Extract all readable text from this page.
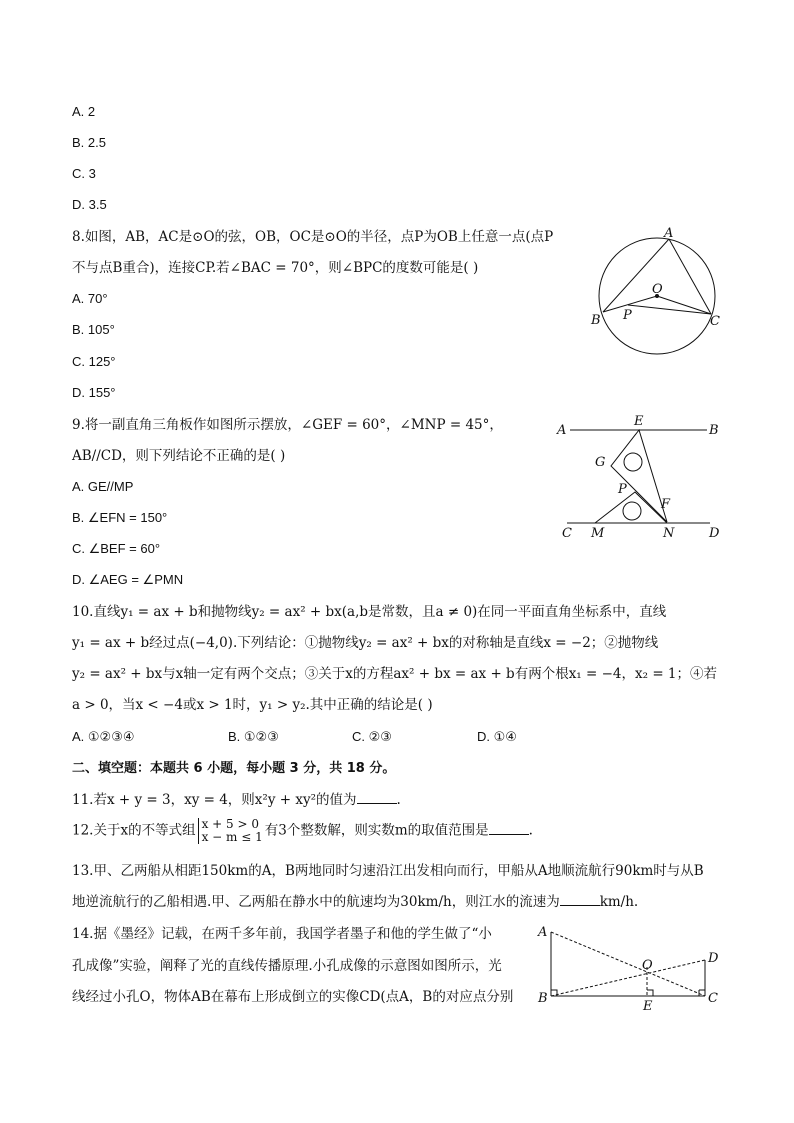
A. 2
B. 2.5
C. 3
D. 3.5
8.如图，AB，AC是⊙O的弦，OB，OC是⊙O的半径，点P为OB上任意一点(点P
不与点B重合)，连接CP.若∠BAC = 70°，则∠BPC的度数可能是( )
A. 70°
B. 105°
C. 125°
D. 155°
A
O
B P	C
9.将一副直角三角板作如图所示摆放，∠GEF = 60°，∠MNP = 45°，
AB//CD，则下列结论不正确的是( )
A. GE//MP
B. ∠EFN = 150°
C. ∠BEF = 60°
D. ∠AEG = ∠PMN
A
E
B
G
P
F
C M	N	D
10.直线y₁ = ax + b和抛物线y₂ = ax² + bx(a,b是常数，且a ≠ 0)在同一平面直角坐标系中，直线
y₁ = ax + b经过点(−4,0).下列结论：①抛物线y₂ = ax² + bx的对称轴是直线x = −2；②抛物线
y₂ = ax² + bx与x轴一定有两个交点；③关于x的方程ax² + bx = ax + b有两个根x₁ = −4，x₂ = 1；④若
a > 0，当x < −4或x > 1时，y₁ > y₂.其中正确的结论是( )
A. ①②③④	B. ①②③	C. ②③	D. ①④
二、填空题：本题共 6 小题，每小题 3 分，共 18 分。
11.若x + y = 3，xy = 4，则x²y + xy²的值为	.
12.关于x的不等式组 x + 5 > 0
x − m ≤ 1 有3个整数解，则实数m的取值范围是	.
13.甲、乙两船从相距150km的A，B两地同时匀速沿江出发相向而行，甲船从A地顺流航行90km时与从B
地逆流航行的乙船相遇.甲、乙两船在静水中的航速均为30km/h，则江水的流速为	km/h.
14.据《墨经》记载，在两千多年前，我国学者墨子和他的学生做了“小
孔成像”实验，阐释了光的直线传播原理.小孔成像的示意图如图所示，光
线经过小孔O，物体AB在幕布上形成倒立的实像CD(点A，B的对应点分别
A
B
O
E
D
C
